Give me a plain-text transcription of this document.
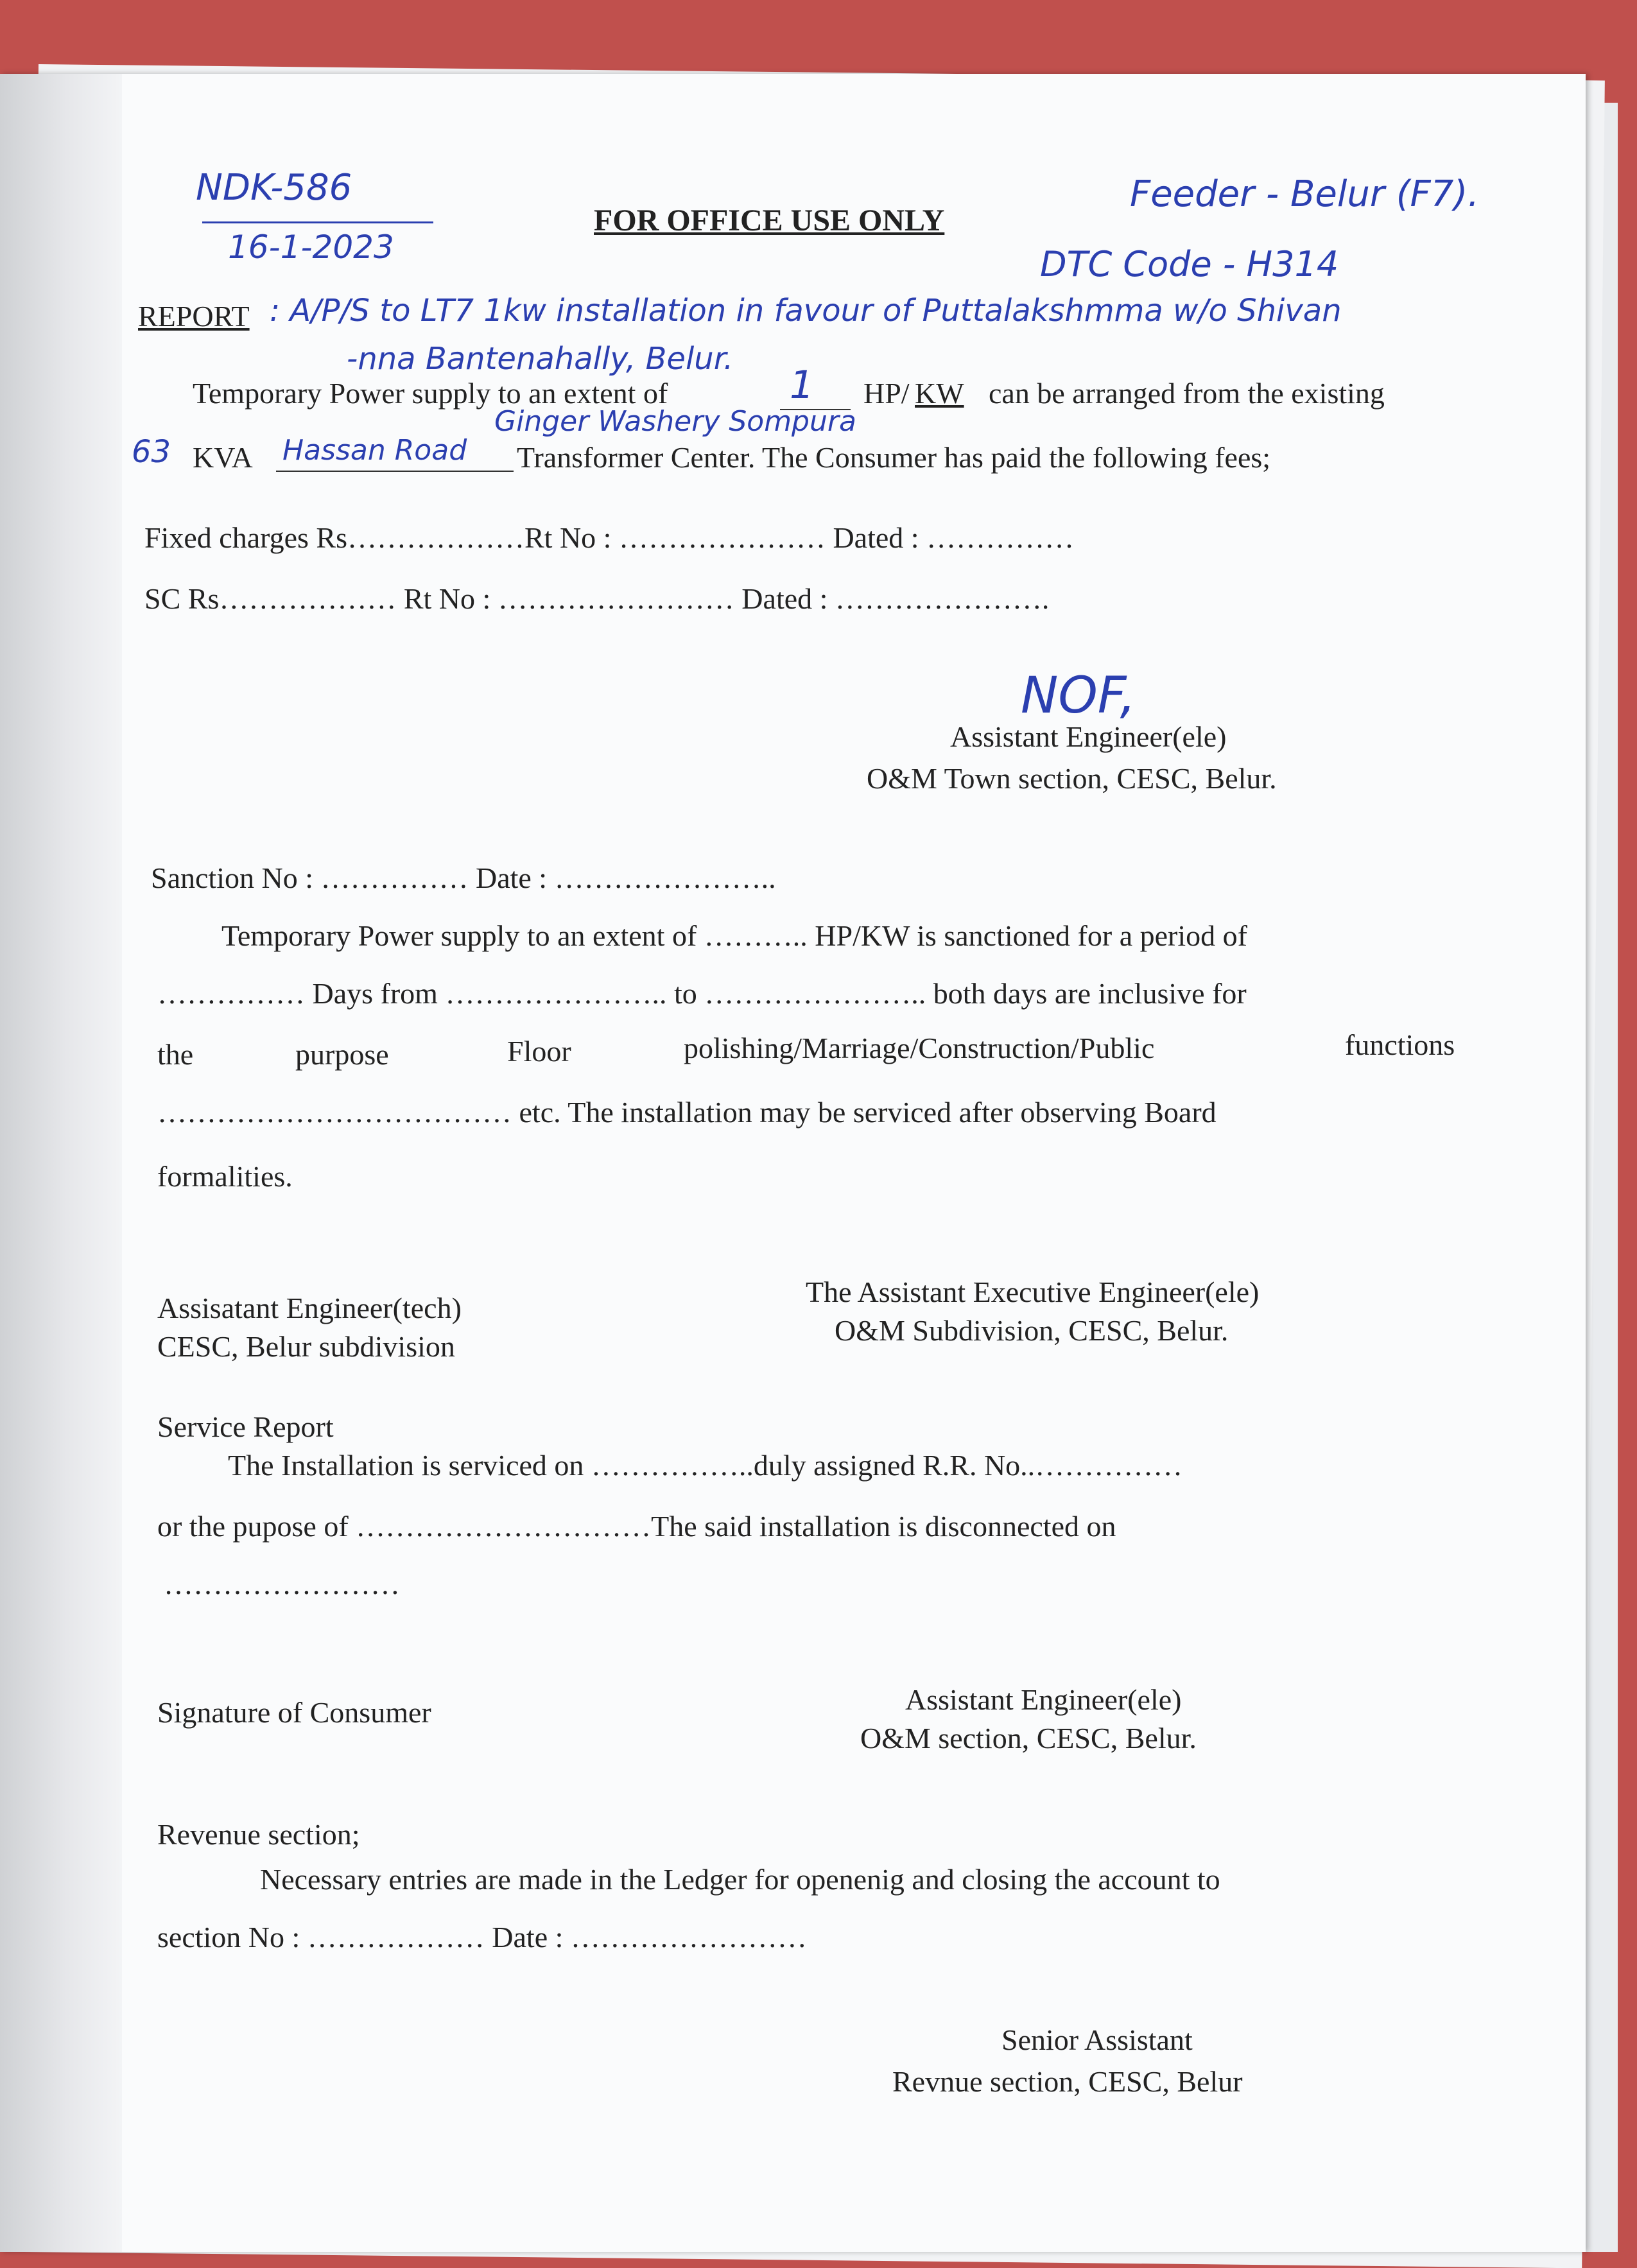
NDK-586
16-1-2023
Feeder - Belur (F7).
DTC Code - H314
FOR OFFICE USE ONLY
REPORT : A/P/S to LT7 1kw installation in favour of Puttalakshmma w/o Shivan
-nna Bantenahally, Belur.
Temporary Power supply to an extent of	1 HP/ KW can be arranged from the existing
Ginger Washery Sompura
63 KVA Hassan Road Transformer Center. The Consumer has paid the following fees;
Fixed charges Rs………………Rt No : ………………… Dated : ……………
SC Rs……………… Rt No : …………………… Dated : ………………….
NOF,
Assistant Engineer(ele)
O&M Town section, CESC, Belur.
Sanction No : …………… Date : …………………..
Temporary Power supply to an extent of ……….. HP/KW is sanctioned for a period of
…………… Days from ………………….. to ………………….. both days are inclusive for
the	purpose	Floor	polishing/Marriage/Construction/Public	functions
……………………………… etc. The installation may be serviced after observing Board
formalities.
Assisatant Engineer(tech)
CESC, Belur subdivision
The Assistant Executive Engineer(ele)
O&M Subdivision, CESC, Belur.
Service Report
The Installation is serviced on ……………..duly assigned R.R. No..……………
or the pupose of …………………………The said installation is disconnected on
……………………
Signature of Consumer	Assistant Engineer(ele)
O&M section, CESC, Belur.
Revenue section;
Necessary entries are made in the Ledger for openenig and closing the account to
section No : ……………… Date : ……………………
Senior Assistant
Revnue section, CESC, Belur
